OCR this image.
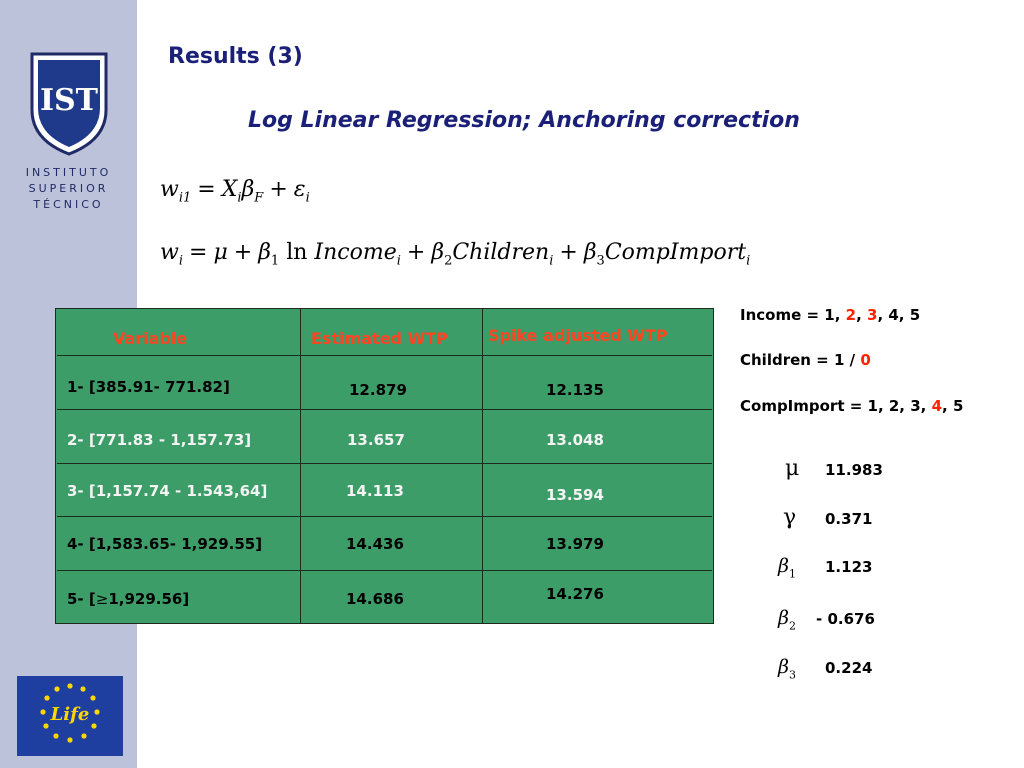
IST
INSTITUTO
SUPERIOR
TÉCNICO
Life
Results (3)
Log Linear Regression; Anchoring correction
$w_{i1} = X_i\beta_F + \varepsilon_i$
$w_i = \mu + \beta_1$ ln Income$_i$ + $\beta_2Children_i$ + $\beta_3CompImport_i$
Variable	Estimated WTP	Spike adjusted WTP
1- [385.91- 771.82]	12.879	12.135
2- [771.83 - 1,157.73]	13.657	13.048
3- [1,157.74 - 1.543,64]	14.113	13.594
4- [1,583.65- 1,929.55]	14.436	13.979
5- [≥1,929.56]	14.686	14.276
Income = 1, 2, 3, 4, 5
Children = 1 / 0
CompImport = 1, 2, 3, 4, 5
μ 11.983
γ 0.371
$\beta_1$ 1.123
$\beta_2 - 0.676$
$\beta_3$ 0.224
